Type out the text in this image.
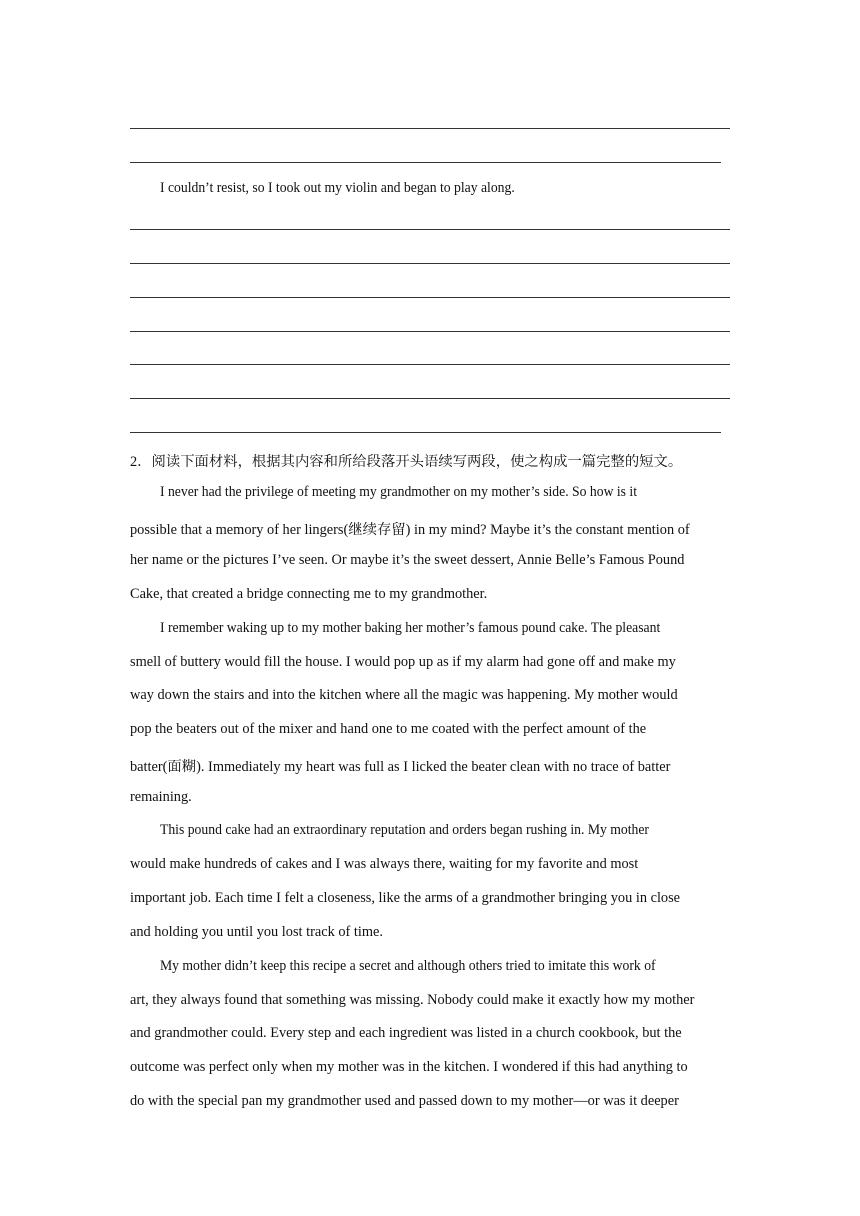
I couldn’t resist, so I took out my violin and began to play along.
2．阅读下面材料，根据其内容和所给段落开头语续写两段，使之构成一篇完整的短文。
I never had the privilege of meeting my grandmother on my mother’s side. So how is it
possible that a memory of her lingers(继续存留) in my mind? Maybe it’s the constant mention of
her name or the pictures I’ve seen. Or maybe it’s the sweet dessert, Annie Belle’s Famous Pound
Cake, that created a bridge connecting me to my grandmother.
I remember waking up to my mother baking her mother’s famous pound cake. The pleasant
smell of buttery would fill the house. I would pop up as if my alarm had gone off and make my
way down the stairs and into the kitchen where all the magic was happening. My mother would
pop the beaters out of the mixer and hand one to me coated with the perfect amount of the
batter(面糊). Immediately my heart was full as I licked the beater clean with no trace of batter
remaining.
This pound cake had an extraordinary reputation and orders began rushing in. My mother
would make hundreds of cakes and I was always there, waiting for my favorite and most
important job. Each time I felt a closeness, like the arms of a grandmother bringing you in close
and holding you until you lost track of time.
My mother didn’t keep this recipe a secret and although others tried to imitate this work of
art, they always found that something was missing. Nobody could make it exactly how my mother
and grandmother could. Every step and each ingredient was listed in a church cookbook, but the
outcome was perfect only when my mother was in the kitchen. I wondered if this had anything to
do with the special pan my grandmother used and passed down to my mother—or was it deeper
